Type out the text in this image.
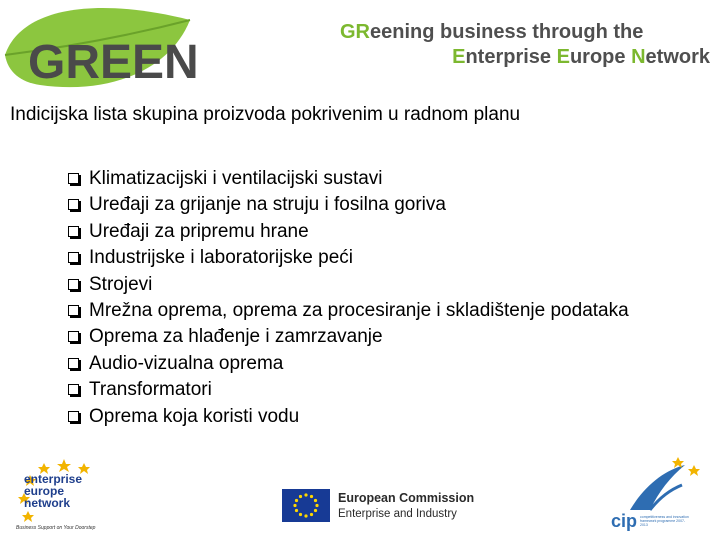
GREEN
GReening business through the
Enterprise Europe Network
Indicijska lista skupina proizvoda pokrivenim u radnom planu
Klimatizacijski i ventilacijski sustavi
Uređaji za grijanje na struju i fosilna goriva
Uređaji za pripremu hrane
Industrijske i laboratorijske peći
Strojevi
Mrežna oprema, oprema za procesiranje i skladištenje podataka
Oprema za hlađenje i zamrzavanje
Audio-vizualna oprema
Transformatori
Oprema koja koristi vodu
enterprise
europe
network
Business Support on Your Doorstep
European Commission
Enterprise and Industry	cip competitiveness and innovation framework programme 2007-2013
